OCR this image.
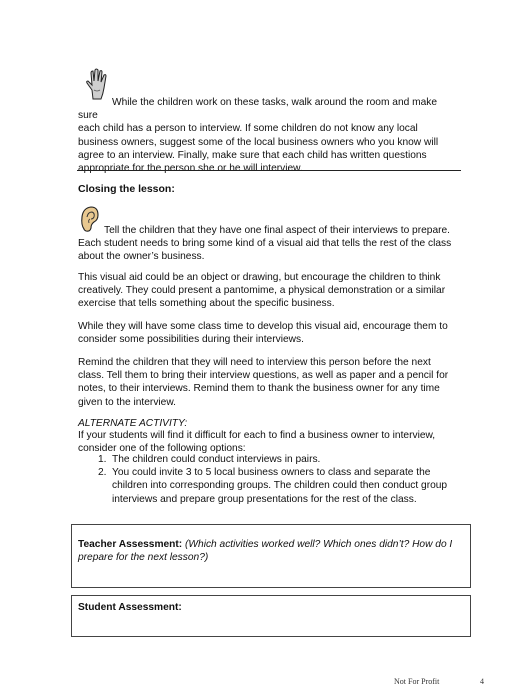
While the children work on these tasks, walk around the room and make sure

each child has a person to interview. If some children do not know any local business owners, suggest some of the local business owners who you know will agree to an interview. Finally, make sure that each child has written questions appropriate for the person she or he will interview.

Closing the lesson:

Tell the children that they have one final aspect of their interviews to prepare.

Each student needs to bring some kind of a visual aid that tells the rest of the class about the owner’s business.

This visual aid could be an object or drawing, but encourage the children to think creatively. They could present a pantomime, a physical demonstration or a similar exercise that tells something about the specific business.

While they will have some class time to develop this visual aid, encourage them to consider some possibilities during their interviews.

Remind the children that they will need to interview this person before the next class. Tell them to bring their interview questions, as well as paper and a pencil for notes, to their interviews. Remind them to thank the business owner for any time given to the interview.

ALTERNATE ACTIVITY:

If your students will find it difficult for each to find a business owner to interview, consider one of the following options:

1. The children could conduct interviews in pairs.
2. You could invite 3 to 5 local business owners to class and separate the children into corresponding groups. The children could then conduct group interviews and prepare group presentations for the rest of the class.

Teacher Assessment: (Which activities worked well? Which ones didn’t? How do I prepare for the next lesson?)

Student Assessment:

Not For Profit	4
